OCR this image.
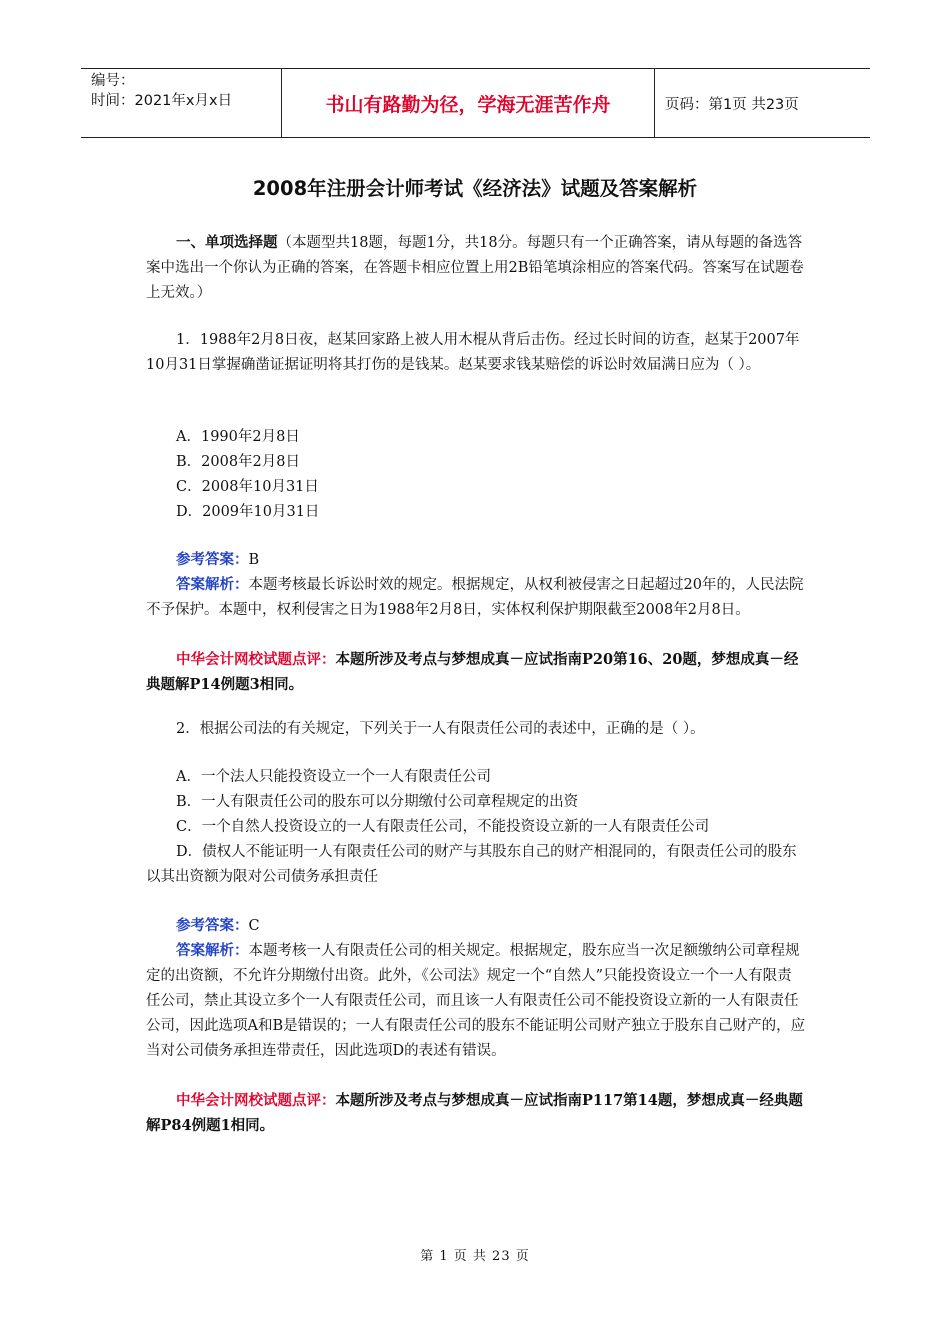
编号：
时间：2021年x月x日	书山有路勤为径，学海无涯苦作舟	页码：第1页 共23页
2008年注册会计师考试《经济法》试题及答案解析
一、单项选择题（本题型共18题，每题1分，共18分。每题只有一个正确答案，请从每题的备选答案中选出一个你认为正确的答案，在答题卡相应位置上用2B铅笔填涂相应的答案代码。答案写在试题卷上无效。）
1．1988年2月8日夜，赵某回家路上被人用木棍从背后击伤。经过长时间的访查，赵某于2007年10月31日掌握确凿证据证明将其打伤的是钱某。赵某要求钱某赔偿的诉讼时效届满日应为（ ）。
A．1990年2月8日
B．2008年2月8日
C．2008年10月31日
D．2009年10月31日
参考答案：B
答案解析：本题考核最长诉讼时效的规定。根据规定，从权利被侵害之日起超过20年的，人民法院不予保护。本题中，权利侵害之日为1988年2月8日，实体权利保护期限截至2008年2月8日。
中华会计网校试题点评：本题所涉及考点与梦想成真－应试指南P20第16、20题，梦想成真－经典题解P14例题3相同。
2．根据公司法的有关规定，下列关于一人有限责任公司的表述中，正确的是（ ）。
A．一个法人只能投资设立一个一人有限责任公司
B．一人有限责任公司的股东可以分期缴付公司章程规定的出资
C．一个自然人投资设立的一人有限责任公司，不能投资设立新的一人有限责任公司
D．债权人不能证明一人有限责任公司的财产与其股东自己的财产相混同的，有限责任公司的股东以其出资额为限对公司债务承担责任
参考答案：C
答案解析：本题考核一人有限责任公司的相关规定。根据规定，股东应当一次足额缴纳公司章程规定的出资额，不允许分期缴付出资。此外，《公司法》规定一个“自然人”只能投资设立一个一人有限责任公司，禁止其设立多个一人有限责任公司，而且该一人有限责任公司不能投资设立新的一人有限责任公司，因此选项A和B是错误的；一人有限责任公司的股东不能证明公司财产独立于股东自己财产的，应当对公司债务承担连带责任，因此选项D的表述有错误。
中华会计网校试题点评：本题所涉及考点与梦想成真－应试指南P117第14题，梦想成真－经典题解P84例题1相同。
第 1 页 共 23 页
